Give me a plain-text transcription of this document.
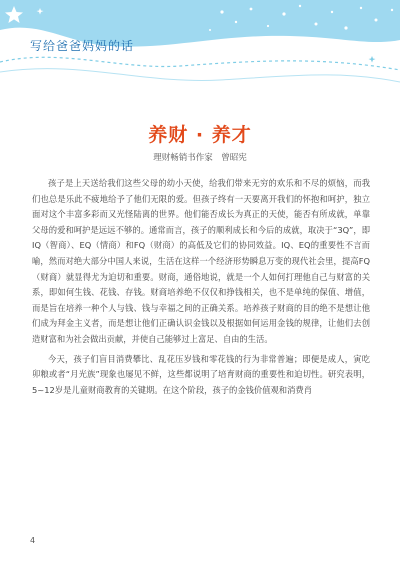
写给爸爸妈妈的话
养财 · 养才
理财畅销书作家　曾昭宪

孩子是上天送给我们这些父母的幼小天使，给我们带来无穷的欢乐和不尽的烦恼，而我们也总是乐此不疲地给予了他们无限的爱。但孩子终有一天要离开我们的怀抱和呵护，独立面对这个丰富多彩而又光怪陆离的世界。他们能否成长为真正的天使，能否有所成就，单靠父母的爱和呵护是远远不够的。通常而言，孩子的顺利成长和今后的成就，取决于“3Q”，即IQ（智商）、EQ（情商）和FQ（财商）的高低及它们的协同效益。IQ、EQ的重要性不言而喻，然而对绝大部分中国人来说，生活在这样一个经济形势瞬息万变的现代社会里，提高FQ（财商）就显得尤为迫切和重要。财商，通俗地说，就是一个人如何打理他自己与财富的关系，即如何生钱、花钱、存钱。财商培养绝不仅仅和挣钱相关，也不是单纯的保值、增值，而是旨在培养一种个人与钱、钱与幸福之间的正确关系。培养孩子财商的目的绝不是想让他们成为拜金主义者，而是想让他们正确认识金钱以及根据如何运用金钱的规律，让他们去创造财富和为社会做出贡献，并使自己能够过上富足、自由的生活。

今天，孩子们盲目消费攀比、乱花压岁钱和零花钱的行为非常普遍；即便是成人，寅吃卯粮或者“月光族”现象也屡见不鲜，这些都说明了培育财商的重要性和迫切性。研究表明，5~12岁是儿童财商教育的关键期。在这个阶段，孩子的金钱价值观和消费肖

4
